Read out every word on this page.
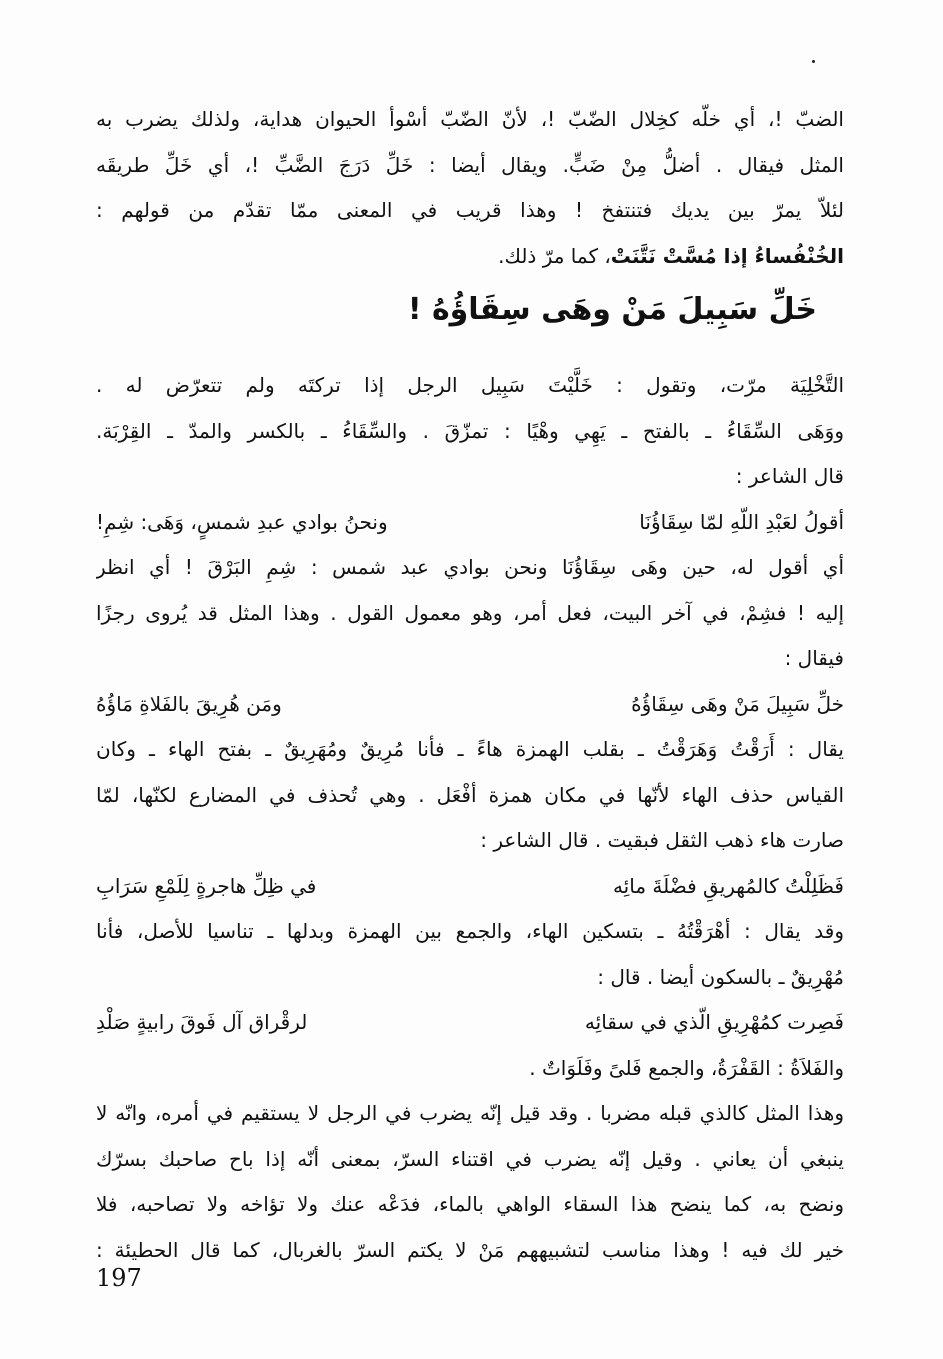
الضبّ !، أي خلّه كخِلال الضّبّ !، لأنّ الضّبّ أسْوأ الحيوان هداية، ولذلك يضرب به
المثل فيقال . أضلُّ مِنْ ضَبٍّ. ويقال أيضا : خَلِّ دَرَجَ الضَّبِّ !، أي خَلِّ طريقَه
لئلاّ يمرّ بين يديك فتنتفخ ! وهذا قريب في المعنى ممّا تقدّم من قولهم :
الخُنْفُساءُ إذا مُسَّتْ نَتَّنَتْ، كما مرّ ذلك.
خَلِّ سَبِيلَ مَنْ وهَى سِقَاؤُهُ !
التَّخْلِيَة مرّت، وتقول : خَلَّيْتَ سَبِيل الرجل إذا تركتَه ولم تتعرّض له .
ووَهَى السِّقَاءُ ـ بالفتح ـ يَهِي وهْيًا : تمزّقَ . والسِّقَاءُ ـ بالكسر والمدّ ـ القِرْبَة.
قال الشاعر :
أقولُ لعَبْدِ اللّهِ لمّا سِقَاؤُنَا
ونحنُ بوادي عبدِ شمسٍ، وَهَى: شِمِ!
أي أقول له، حين وهَى سِقَاؤُنَا ونحن بوادي عبد شمس : شِمِ البَرْقَ ! أي انظر
إليه ! فشِمْ، في آخر البيت، فعل أمر، وهو معمول القول . وهذا المثل قد يُروى رجزًا
فيقال :
خلِّ سَبِيلَ مَنْ وهَى سِقَاؤُهُ
ومَن هُرِيقَ بالفَلاةِ مَاؤُهُ
يقال : أَرَقْتُ وَهَرَقْتُ ـ بقلب الهمزة هاءً ـ فأنا مُرِيقٌ ومُهَرِيقٌ ـ بفتح الهاء ـ وكان
القياس حذف الهاء لأنّها في مكان همزة أفْعَل . وهي تُحذف في المضارع لكنّها، لمّا
صارت هاء ذهب الثقل فبقيت . قال الشاعر :
فَظَلِلْتُ كالمُهريقِ فضْلَةَ مائِه
في ظِلِّ هاجرةٍ لِلَمْعِ سَرَابِ
وقد يقال : أهْرَقْتُهُ ـ بتسكين الهاء، والجمع بين الهمزة وبدلها ـ تناسيا للأصل، فأنا
مُهْرِيقٌ ـ بالسكون أيضا . قال :
فَصِرت كمُهْرِيقِ الّذي في سقائِه
لرقْراق آل فَوقَ رابيةٍ صَلْدِ
والفَلاَةُ : القَفْرَةُ، والجمع فَلىً وفَلَوَاتٌ .
وهذا المثل كالذي قبله مضربا . وقد قيل إنّه يضرب في الرجل لا يستقيم في أمره، وانّه لا
ينبغي أن يعاني . وقيل إنّه يضرب في اقتناء السرّ، بمعنى أنّه إذا باح صاحبك بسرّك
ونضح به، كما ينضح هذا السقاء الواهي بالماء، فدَعْه عنك ولا تؤاخه ولا تصاحبه، فلا
خير لك فيه ! وهذا مناسب لتشبيههم مَنْ لا يكتم السرّ بالغربال، كما قال الحطيئة :
197
